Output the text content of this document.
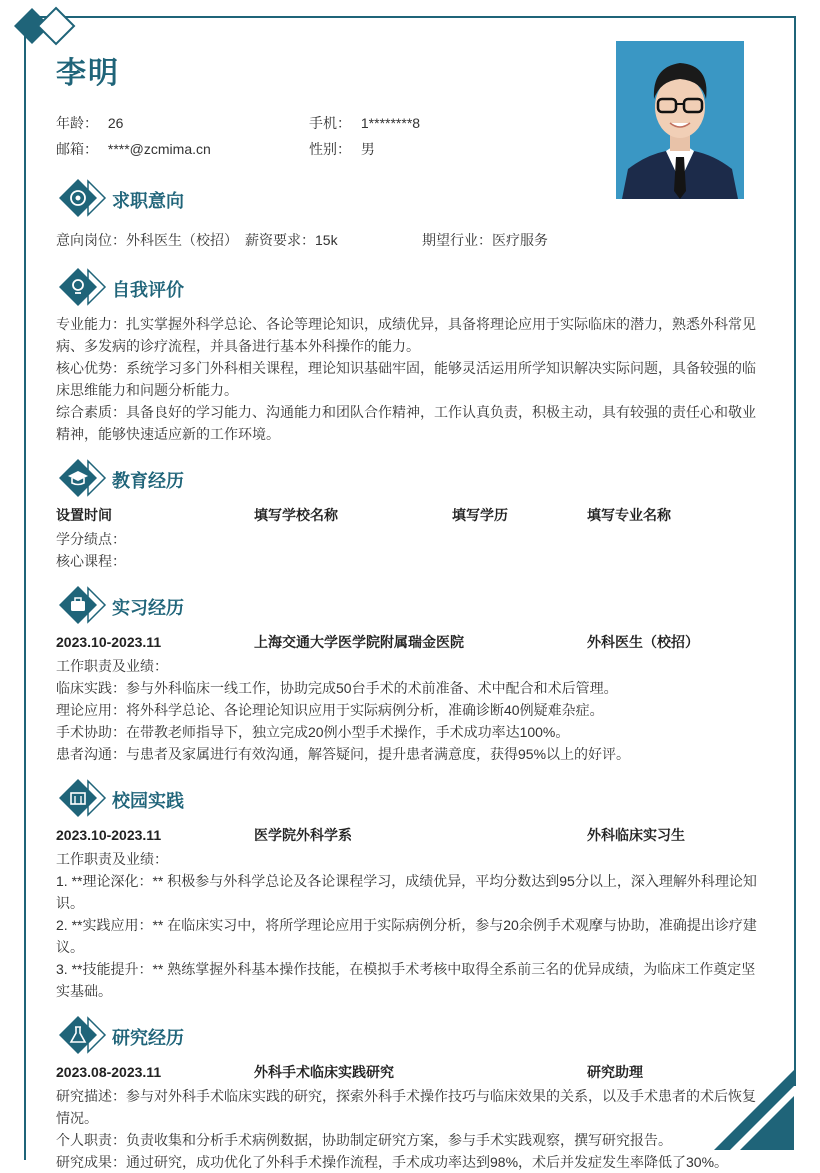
李明
年龄： 26	手机： 1********8
邮箱： ****@zcmima.cn	性别： 男
求职意向
意向岗位：外科医生（校招） 薪资要求：15k	期望行业：医疗服务
自我评价
专业能力：扎实掌握外科学总论、各论等理论知识，成绩优异，具备将理论应用于实际临床的潜力，熟悉外科常见病、多发病的诊疗流程，并具备进行基本外科操作的能力。
核心优势：系统学习多门外科相关课程，理论知识基础牢固，能够灵活运用所学知识解决实际问题，具备较强的临床思维能力和问题分析能力。
综合素质：具备良好的学习能力、沟通能力和团队合作精神，工作认真负责，积极主动，具有较强的责任心和敬业精神，能够快速适应新的工作环境。
教育经历
设置时间	填写学校名称	填写学历	填写专业名称
学分绩点：
核心课程：
实习经历
2023.10-2023.11	上海交通大学医学院附属瑞金医院	外科医生（校招）
工作职责及业绩：
临床实践：参与外科临床一线工作，协助完成50台手术的术前准备、术中配合和术后管理。
理论应用：将外科学总论、各论理论知识应用于实际病例分析，准确诊断40例疑难杂症。
手术协助：在带教老师指导下，独立完成20例小型手术操作，手术成功率达100%。
患者沟通：与患者及家属进行有效沟通，解答疑问，提升患者满意度，获得95%以上的好评。
校园实践
2023.10-2023.11	医学院外科学系	外科临床实习生
工作职责及业绩：
1. **理论深化：** 积极参与外科学总论及各论课程学习，成绩优异，平均分数达到95分以上，深入理解外科理论知识。
2. **实践应用：** 在临床实习中，将所学理论应用于实际病例分析，参与20余例手术观摩与协助，准确提出诊疗建议。
3. **技能提升：** 熟练掌握外科基本操作技能，在模拟手术考核中取得全系前三名的优异成绩，为临床工作奠定坚实基础。
研究经历
2023.08-2023.11	外科手术临床实践研究	研究助理
研究描述：参与对外科手术临床实践的研究，探索外科手术操作技巧与临床效果的关系，以及手术患者的术后恢复情况。
个人职责：负责收集和分析手术病例数据，协助制定研究方案，参与手术实践观察，撰写研究报告。
研究成果：通过研究，成功优化了外科手术操作流程，手术成功率达到98%，术后并发症发生率降低了30%。
